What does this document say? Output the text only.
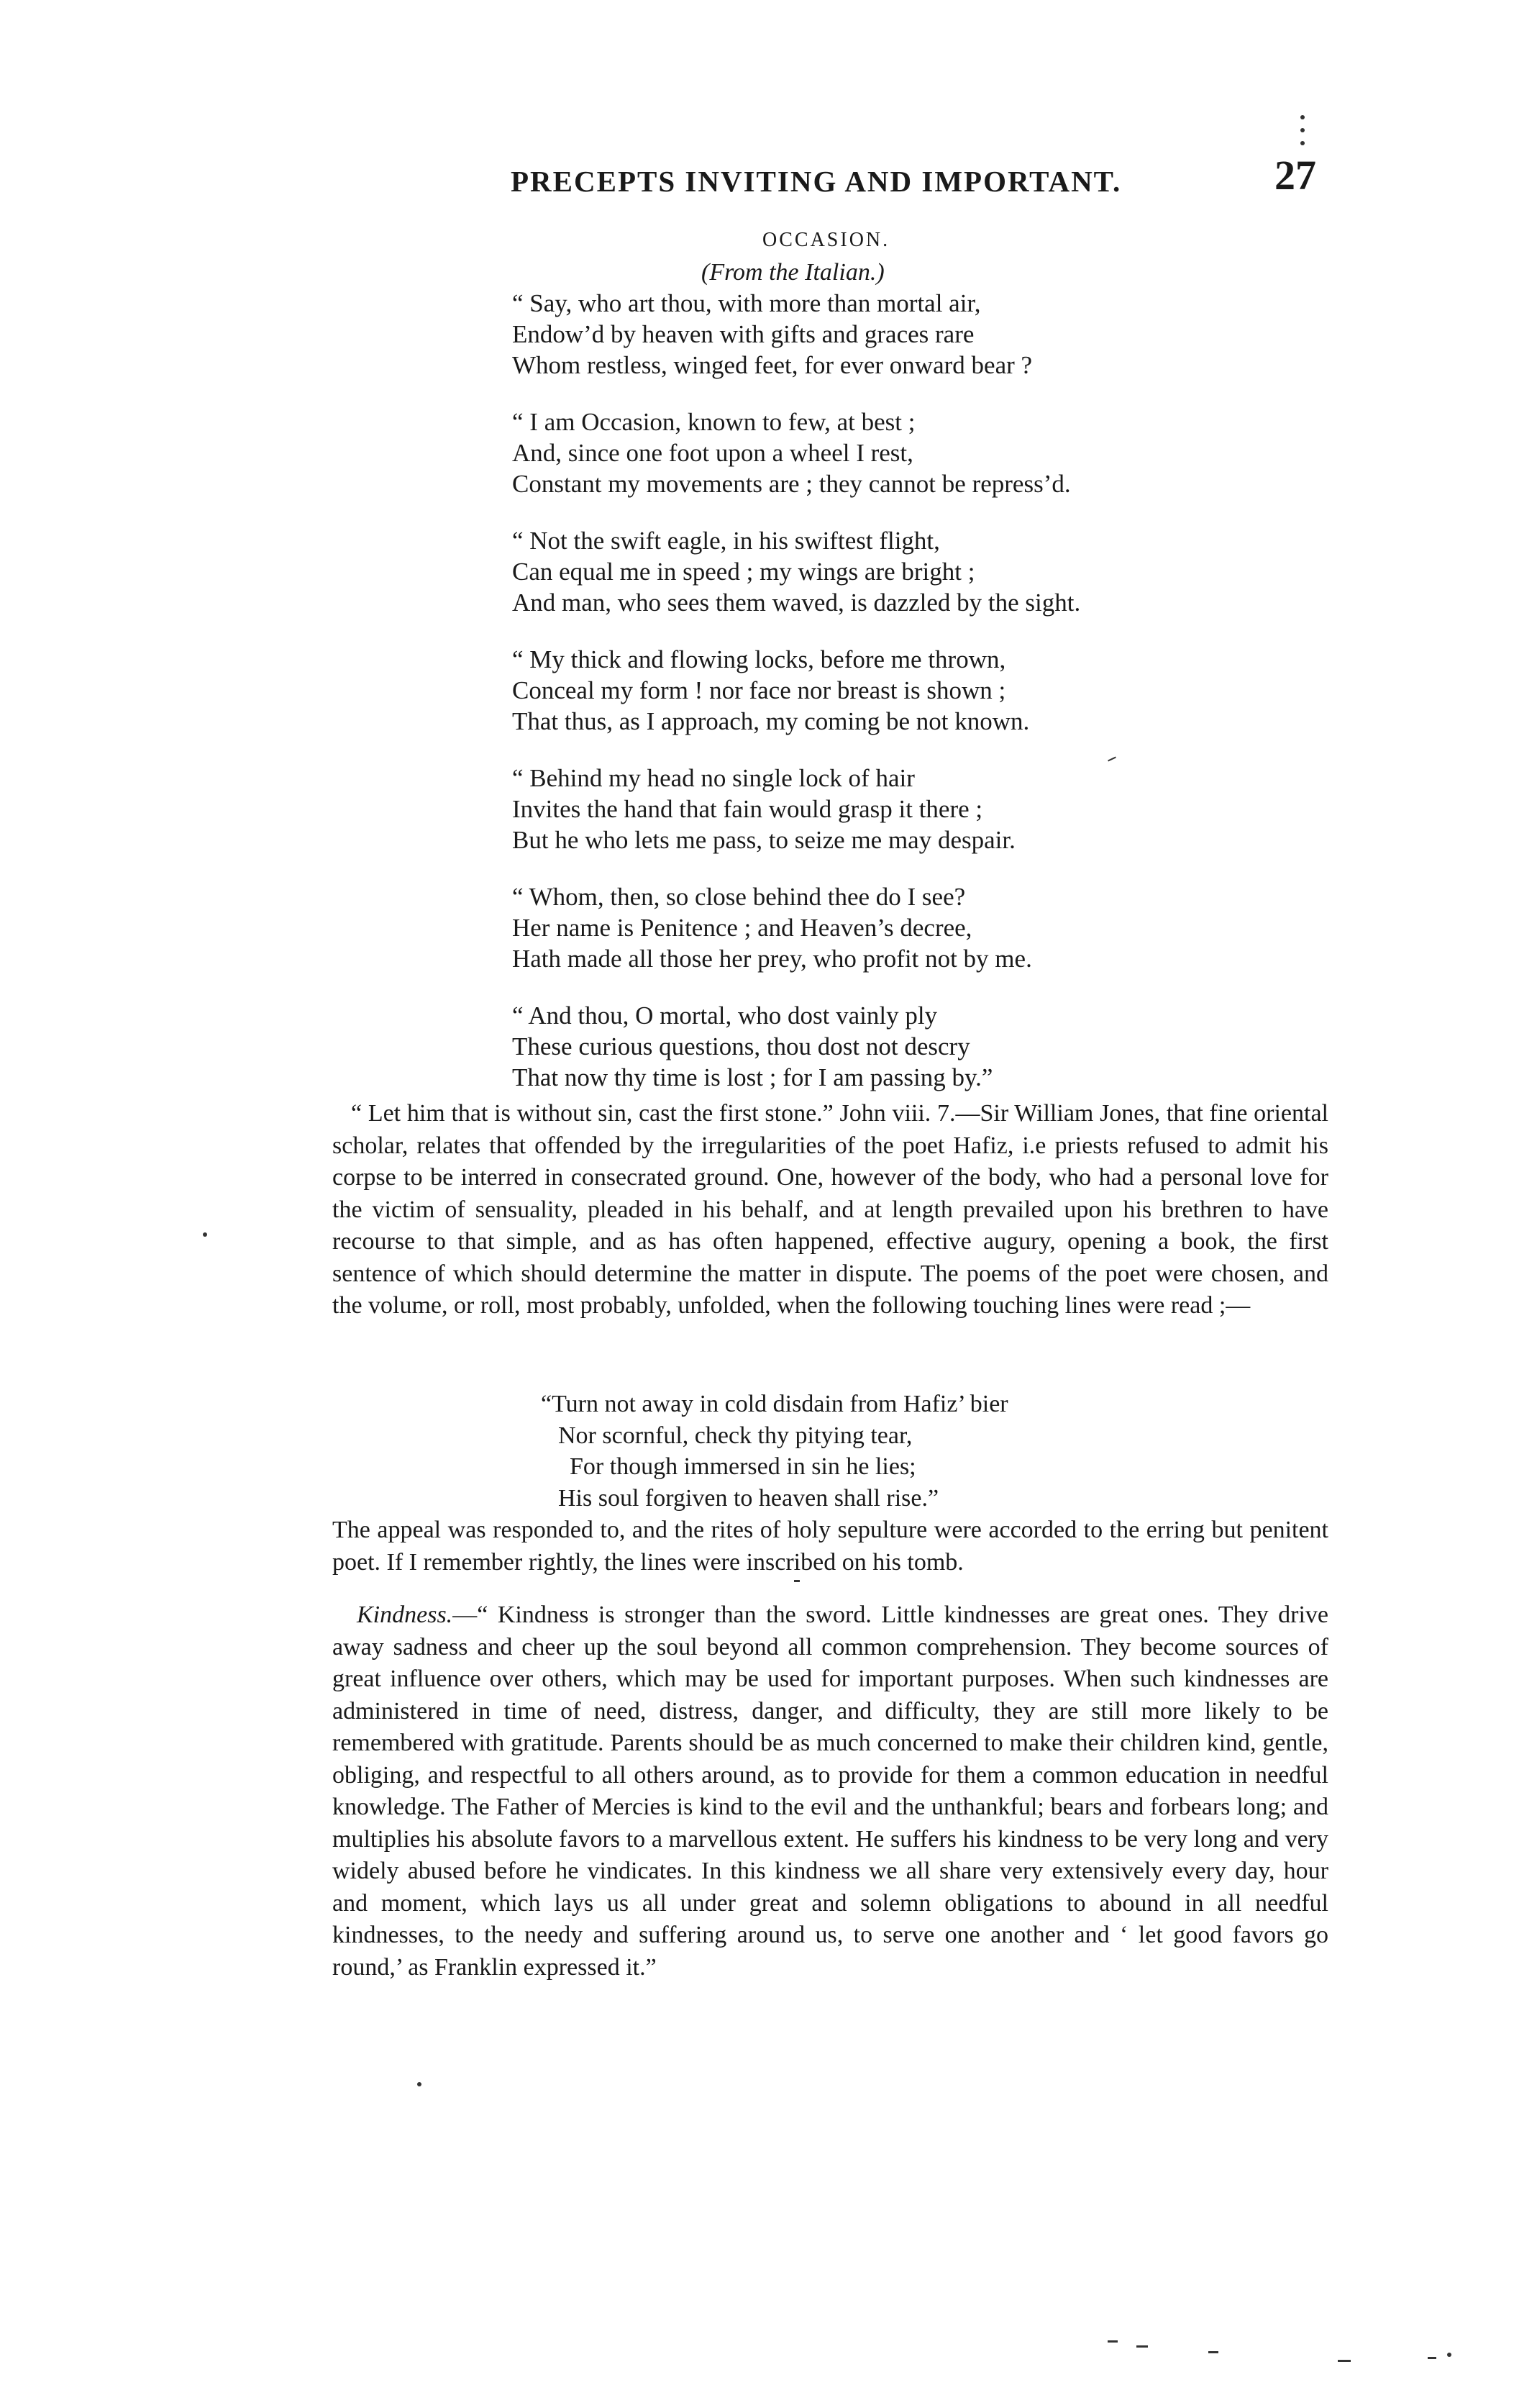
PRECEPTS INVITING AND IMPORTANT.	27
OCCASION.
(From the Italian.)
“ Say, who art thou, with more than mortal air,
Endow’d by heaven with gifts and graces rare
Whom restless, winged feet, for ever onward bear ?
“ I am Occasion, known to few, at best ;
And, since one foot upon a wheel I rest,
Constant my movements are ; they cannot be repress’d.
“ Not the swift eagle, in his swiftest flight,
Can equal me in speed ; my wings are bright ;
And man, who sees them waved, is dazzled by the sight.
“ My thick and flowing locks, before me thrown,
Conceal my form ! nor face nor breast is shown ;
That thus, as I approach, my coming be not known.
“ Behind my head no single lock of hair
Invites the hand that fain would grasp it there ;
But he who lets me pass, to seize me may despair.
“ Whom, then, so close behind thee do I see?
Her name is Penitence ; and Heaven’s decree,
Hath made all those her prey, who profit not by me.
“ And thou, O mortal, who dost vainly ply
These curious questions, thou dost not descry
That now thy time is lost ; for I am passing by.”

“ Let him that is without sin, cast the first stone.” John viii. 7.—Sir William Jones, that fine oriental scholar, relates that offended by the irregularities of the poet Hafiz, i.e priests refused to admit his corpse to be interred in consecrated ground. One, however of the body, who had a personal love for the victim of sensuality, pleaded in his behalf, and at length prevailed upon his brethren to have recourse to that simple, and as has often happened, effective augury, opening a book, the first sentence of which should determine the matter in dispute. The poems of the poet were chosen, and the volume, or roll, most probably, unfolded, when the following touching lines were read ;—

“Turn not away in cold disdain from Hafiz’ bier
Nor scornful, check thy pitying tear,
For though immersed in sin he lies;
His soul forgiven to heaven shall rise.”

The appeal was responded to, and the rites of holy sepulture were accorded to the erring but penitent poet. If I remember rightly, the lines were inscribed on his tomb.

Kindness.—“ Kindness is stronger than the sword. Little kindnesses are great ones. They drive away sadness and cheer up the soul beyond all common comprehension. They become sources of great influence over others, which may be used for important purposes. When such kindnesses are administered in time of need, distress, danger, and difficulty, they are still more likely to be remembered with gratitude. Parents should be as much concerned to make their children kind, gentle, obliging, and respectful to all others around, as to provide for them a common education in needful knowledge. The Father of Mercies is kind to the evil and the unthankful; bears and forbears long; and multiplies his absolute favors to a marvellous extent. He suffers his kindness to be very long and very widely abused before he vindicates. In this kindness we all share very extensively every day, hour and moment, which lays us all under great and solemn obligations to abound in all needful kindnesses, to the needy and suffering around us, to serve one another and ‘ let good favors go round,’ as Franklin expressed it.”
